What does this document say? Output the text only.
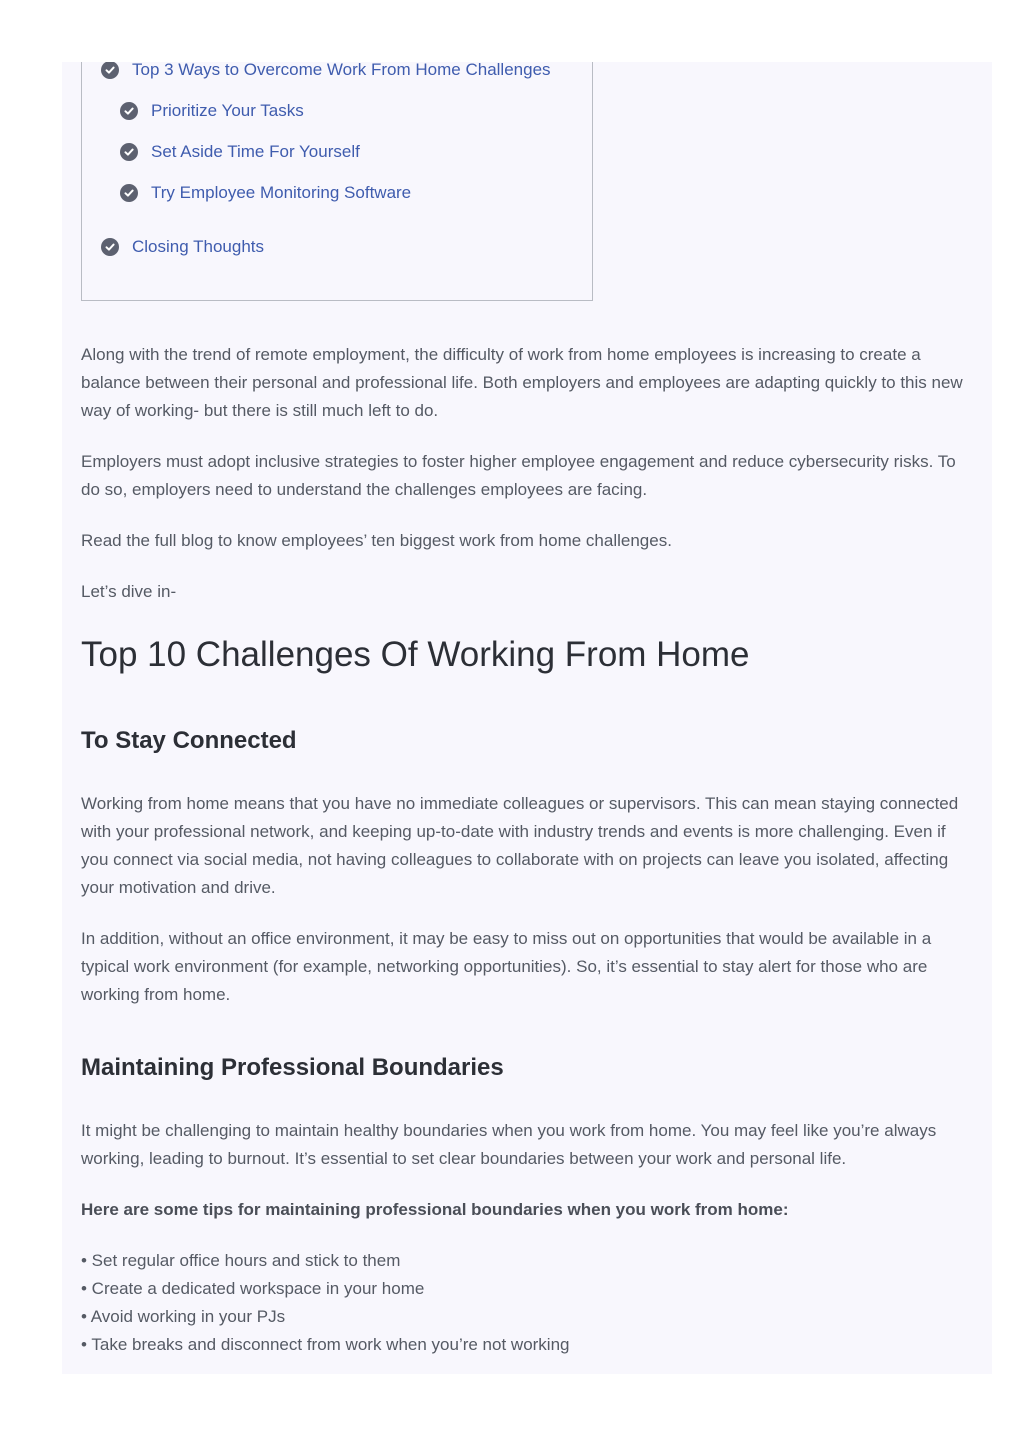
Top 3 Ways to Overcome Work From Home Challenges
Prioritize Your Tasks
Set Aside Time For Yourself
Try Employee Monitoring Software
Closing Thoughts

Along with the trend of remote employment, the difficulty of work from home employees is increasing to create a balance between their personal and professional life. Both employers and employees are adapting quickly to this new way of working- but there is still much left to do.

Employers must adopt inclusive strategies to foster higher employee engagement and reduce cybersecurity risks. To do so, employers need to understand the challenges employees are facing.

Read the full blog to know employees’ ten biggest work from home challenges.

Let’s dive in-

Top 10 Challenges Of Working From Home
To Stay Connected

Working from home means that you have no immediate colleagues or supervisors. This can mean staying connected with your professional network, and keeping up-to-date with industry trends and events is more challenging. Even if you connect via social media, not having colleagues to collaborate with on projects can leave you isolated, affecting your motivation and drive.

In addition, without an office environment, it may be easy to miss out on opportunities that would be available in a typical work environment (for example, networking opportunities). So, it’s essential to stay alert for those who are working from home.

Maintaining Professional Boundaries

It might be challenging to maintain healthy boundaries when you work from home. You may feel like you’re always working, leading to burnout. It’s essential to set clear boundaries between your work and personal life.

Here are some tips for maintaining professional boundaries when you work from home:

• Set regular office hours and stick to them
• Create a dedicated workspace in your home
• Avoid working in your PJs
• Take breaks and disconnect from work when you’re not working
